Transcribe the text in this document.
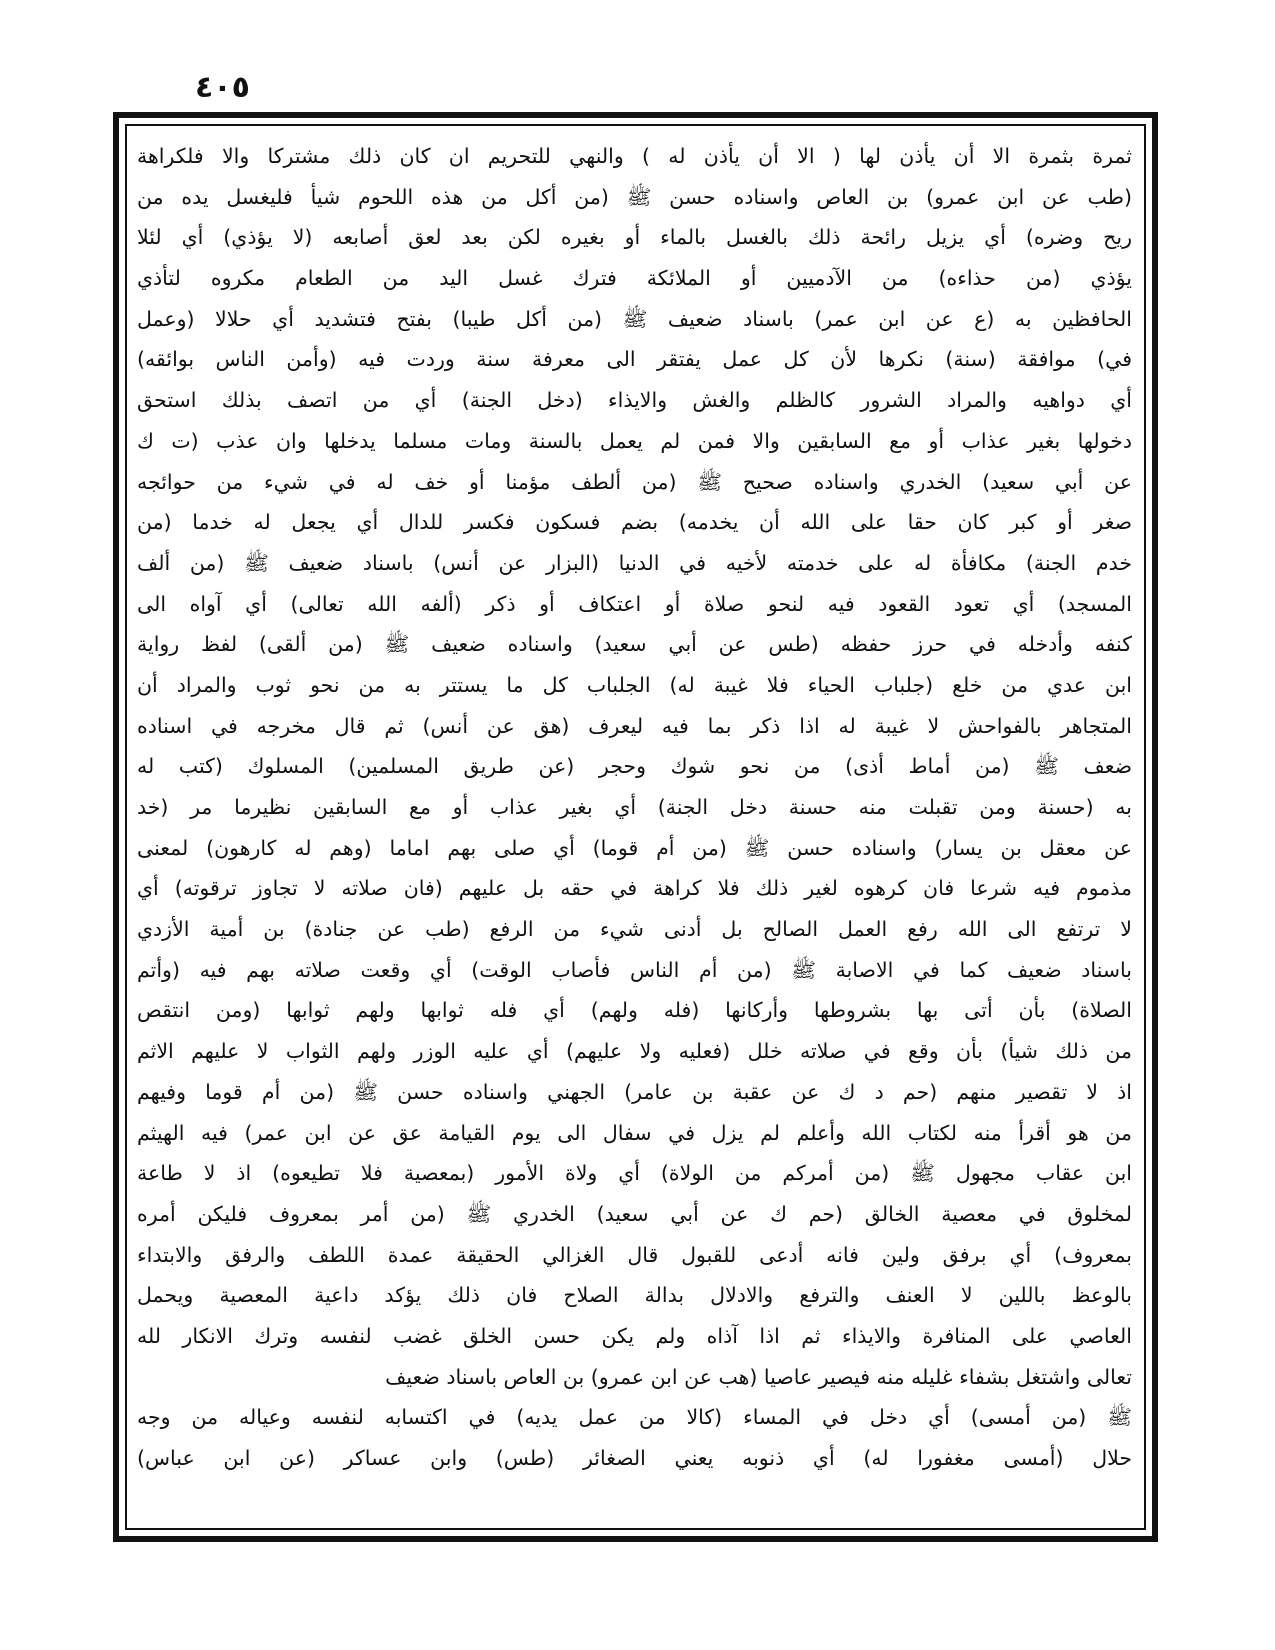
٤٠٥
ثمرة بثمرة الا أن يأذن لها ( الا أن يأذن له ) والنهي للتحريم ان كان ذلك مشتركا والا فلكراهة
(طب عن ابن عمرو) بن العاص واسناده حسن ﷺ (من أكل من هذه اللحوم شيأ فليغسل يده من
ريح وضره) أي يزيل رائحة ذلك بالغسل بالماء أو بغيره لكن بعد لعق أصابعه (لا يؤذي) أي لئلا
يؤذي (من حذاءه) من الآدميين أو الملائكة فترك غسل اليد من الطعام مكروه لتأذي
الحافظين به (ع عن ابن عمر) باسناد ضعيف ﷺ (من أكل طيبا) بفتح فتشديد أي حلالا (وعمل
في) موافقة (سنة) نكرها لأن كل عمل يفتقر الى معرفة سنة وردت فيه (وأمن الناس بوائقه)
أي دواهيه والمراد الشرور كالظلم والغش والايذاء (دخل الجنة) أي من اتصف بذلك استحق
دخولها بغير عذاب أو مع السابقين والا فمن لم يعمل بالسنة ومات مسلما يدخلها وان عذب (ت ك
عن أبي سعيد) الخدري واسناده صحيح ﷺ (من ألطف مؤمنا أو خف له في شيء من حوائجه
صغر أو كبر كان حقا على الله أن يخدمه) بضم فسكون فكسر للدال أي يجعل له خدما (من
خدم الجنة) مكافأة له على خدمته لأخيه في الدنيا (البزار عن أنس) باسناد ضعيف ﷺ (من ألف
المسجد) أي تعود القعود فيه لنحو صلاة أو اعتكاف أو ذكر (ألفه الله تعالى) أي آواه الى
كنفه وأدخله في حرز حفظه (طس عن أبي سعيد) واسناده ضعيف ﷺ (من ألقى) لفظ رواية
ابن عدي من خلع (جلباب الحياء فلا غيبة له) الجلباب كل ما يستتر به من نحو ثوب والمراد أن
المتجاهر بالفواحش لا غيبة له اذا ذكر بما فيه ليعرف (هق عن أنس) ثم قال مخرجه في اسناده
ضعف ﷺ (من أماط أذى) من نحو شوك وحجر (عن طريق المسلمين) المسلوك (كتب له
به (حسنة ومن تقبلت منه حسنة دخل الجنة) أي بغير عذاب أو مع السابقين نظيرما مر (خد
عن معقل بن يسار) واسناده حسن ﷺ (من أم قوما) أي صلى بهم اماما (وهم له كارهون) لمعنى
مذموم فيه شرعا فان كرهوه لغير ذلك فلا كراهة في حقه بل عليهم (فان صلاته لا تجاوز ترقوته) أي
لا ترتفع الى الله رفع العمل الصالح بل أدنى شيء من الرفع (طب عن جنادة) بن أمية الأزدي
باسناد ضعيف كما في الاصابة ﷺ (من أم الناس فأصاب الوقت) أي وقعت صلاته بهم فيه (وأتم
الصلاة) بأن أتى بها بشروطها وأركانها (فله ولهم) أي فله ثوابها ولهم ثوابها (ومن انتقص
من ذلك شيأ) بأن وقع في صلاته خلل (فعليه ولا عليهم) أي عليه الوزر ولهم الثواب لا عليهم الاثم
اذ لا تقصير منهم (حم د ك عن عقبة بن عامر) الجهني واسناده حسن ﷺ (من أم قوما وفيهم
من هو أقرأ منه لكتاب الله وأعلم لم يزل في سفال الى يوم القيامة عق عن ابن عمر) فيه الهيثم
ابن عقاب مجهول ﷺ (من أمركم من الولاة) أي ولاة الأمور (بمعصية فلا تطيعوه) اذ لا طاعة
لمخلوق في معصية الخالق (حم ك عن أبي سعيد) الخدري ﷺ (من أمر بمعروف فليكن أمره
بمعروف) أي برفق ولين فانه أدعى للقبول قال الغزالي الحقيقة عمدة اللطف والرفق والابتداء
بالوعظ باللين لا العنف والترفع والادلال بدالة الصلاح فان ذلك يؤكد داعية المعصية ويحمل
العاصي على المنافرة والايذاء ثم اذا آذاه ولم يكن حسن الخلق غضب لنفسه وترك الانكار لله
تعالى واشتغل بشفاء غليله منه فيصير عاصيا (هب عن ابن عمرو) بن العاص باسناد ضعيف
ﷺ (من أمسى) أي دخل في المساء (كالا من عمل يديه) في اكتسابه لنفسه وعياله من وجه
حلال (أمسى مغفورا له) أي ذنوبه يعني الصغائر (طس) وابن عساكر (عن ابن عباس)
